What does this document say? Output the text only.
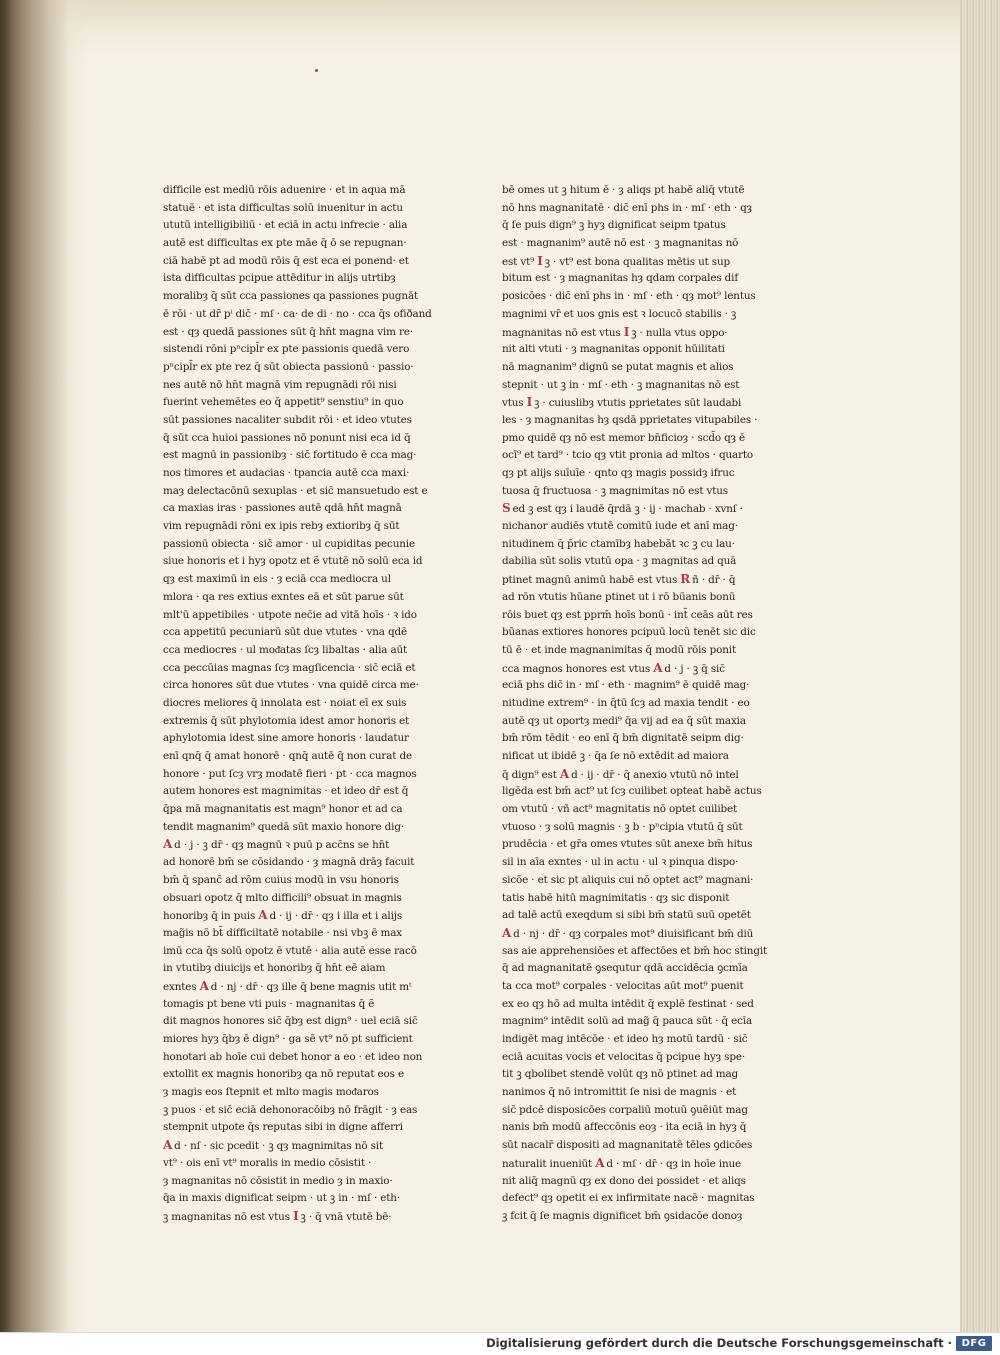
difficile est mediū rōis aduenire · et in aqua mā
statuē · et ista difficultas solū inuenitur in actu
ututū intelligibiliū · et eciā in actu infrecie · alia
autē est difficultas ex pte māe q̄ ō se repugnan·
ciā habē pt ad modū rōis q̄ est eca ei ponend· et
ista difficultas pcipue attēditur in alijs utrtibȝ
moralibȝ q̄ sūt cca passiones qa passiones pugnāt
ē rōi · ut dr̄ pⁱ dic̄ · mſ · ca· de di · no · cca q̄s ofiðand
est · qȝ quedā passiones sūt q̄ hn̄t magna vim re·
sistendi rōni pⁿcipl̄r ex pte passionis quedā vero
pⁿcipl̄r ex pte rez q̄ sūt obiecta passionū · passio·
nes autē nō hn̄t magnā vim repugnādi rōi nisi
fuerint vehemētes eo q̄ appetit⁹ senstiu⁹ in quo
sūt passiones nacaliter subdit rōi · et ideo vtutes
q̄ sūt cca huioi passiones nō ponunt nisi eca id q̄
est magnū in passionibȝ · sic̄ fortitudo ē cca mag·
nos timores et audacias · tpancia autē cca maxi·
maȝ delectacōnū sexuplas · et sic̄ mansuetudo est e
ca maxias iras · passiones autē qdā hn̄t magnā
vim repugnādi rōni ex ipis rebȝ extioribȝ q̄ sūt
passionū obiecta · sic̄ amor · ul cupiditas pecunie
siue honoris et i hyȝ opotz et ẽ vtutē nō solū eca id
qȝ est maximū in eis · ȝ eciā cca mediocra ul
mlora · qa res extius exntes eā et sūt parue sūt
mlt'ū appetibiles · utpote nec̄ie ad vitā hoīs · ꝛ ido
cca appetitū pecuniarū sūt due vtutes · vna qdē
cca mediocres · ul moᵭatas ſcȝ libaltas · alia aūt
cca peccūias magnas ſcȝ magſicencia · sic̄ eciā et
circa honores sūt due vtutes · vna quidē circa me·
diocres meliores q̄ innolata est · noiat eī ex suis
extremis q̄ sūt phylotomia idest amor honoris et
aphylotomia idest sine amore honoris · laudatur
enī qnq̄ q̄ amat honorē · qnq̄ autē q̄ non curat de
honore · put ſcȝ vrȝ moᵭatē fieri · pt · cca magnos
autem honores est magnimitas · et ideo dr̄ est q̄
q̄pa mā magnanitatis est magn⁹ honor et ad ca
tendit magnanim⁹ quedā sūt maxio honore dig·
A d · j · ꝫ dr̄ · qȝ magnū ꝛ puū p acc̄ns se hn̄t
ad honorē bm̄ se cōsidando · ȝ magnā drāȝ facuit
bm̄ q̄ spanc̄ ad rōm cuius modū in vsu honoris
obsuari opotz q̄ mlto difficili⁹ obsuat in magnis
honoribȝ q̄ in puis A d · ij · dr̄ · qȝ i illa et i alijs
mag̃is nō bt̄ difficiltatē notabile · nsi vbꝫ ē max
imū cca q̄s solū opotz ē vtutē · alia autē esse racō
in vtutibȝ diuicijs et honoribȝ q̄ hn̄t eē aiam
exntes A d · nj · dr̄ · qȝ ille q̄ bene magnis utit mᵗ
tomagis pt bene vti puis · magnanitas q̄ ẽ
dit magnos honores sic̄ q̄bȝ est dign⁹ · uel eciā sic̄
miores hyȝ q̄bȝ ē dign⁹ · ga sē vt⁹ nō pt sufficient
honotari ab hoīe cui debet honor a eo · et ideo non
extollit ex magnis honoribȝ qa nō reputat eos e
ȝ magis eos ſtepnit et mlto magis moᵭaros
ꝫ puos · et sic̄ eciā dehonoracōibȝ nō frāgit · ȝ eas
stempnit utpote q̄s reputas sibi in digne afferri
A d · nſ · sic pcedit · ꝫ qȝ magnimitas nō sit
vt⁹ · ois enī vt⁹ moralis in medio cōsistit ·
ȝ magnanitas nō cōsistit in medio ȝ in maxio·
q̄a in maxis dignificat seipm · ut ꝫ in · mſ · eth·
ꝫ magnanitas nō est vtus I ꝫ · q̄ vnā vtutē bē·
bē omes ut ꝫ hitum ē · ȝ aliqs pt habē aliq̄ vtutē
nō hns magnanitatē · dic̄ enī phs in · mſ · eth · qȝ
q̄ ſe puis dign⁹ ꝫ hyȝ dignificat seipm tpatus
est · magnanim⁹ autē nō est · ꝫ magnanitas nō
est vt⁹ I ꝫ · vt⁹ est bona qualitas mētis ut sup
bitum est · ȝ magnanitas hȝ qdam corpales dif
posicōes · dic̄ enī phs in · mſ · eth · qȝ mot⁹ lentus
magnimi vr̄ et uos gnis est ꝛ locucō stabilis · ꝫ
magnanitas nō est vtus I ꝫ · nulla vtus oppo·
nit alti vtuti · ȝ magnanitas opponit hūilitati
nā magnanim⁹ dignū se putat magnis et alios
stepnit · ut ꝫ in · mſ · eth · ꝫ magnanitas nō est
vtus I ꝫ · cuiuslibȝ vtutis pprietates sūt laudabi
les · ȝ magnanitas hȝ qsdā pprietates vitupabiles ·
pmo quidē qȝ nō est memor bn̄ficioȝ · scd̄o qȝ ē
ocī⁹ et tard⁹ · tcio qȝ vtit pronia ad mltos · quarto
qȝ pt alijs suīuīe · qnto qȝ magis possidȝ ifruc
tuosa q̄ fructuosa · ꝫ magnimitas nō est vtus
S ed ꝫ est qȝ i laudē q̄rdā ꝫ · ij · machab · xvnſ ·
nichanor audiēs vtutē comitū iude et anī mag·
nitudinem q̄ p̄ric ctamībȝ habebāt ꝛc ꝫ cu lau·
dabilia sūt solis vtutū opa · ꝫ magnitas ad quā
ptinet magnū animū habē est vtus R ñ · dr̄ · q̄
ad rōn vtutis hūane ptinet ut i rō būanis bonū
rōis buet qȝ est pprm̄ hoīs bonū · int̄ ceās aūt res
būanas extiores honores pcipuū locū tenēt sic dic
tū ē · et inde magnanimitas q̄ modū rōis ponit
cca magnos honores est vtus A d · j · ꝫ q̄ sic̄
eciā phs dic̄ in · mſ · eth · magnim⁹ ē quidē mag·
nitudine extrem⁹ · in q̄tū ſcȝ ad maxia tendit · eo
autē qȝ ut oportȝ medi⁹ q̄a vij ad ea q̄ sūt maxia
bm̄ rōm tēdit · eo enī q̄ bm̄ dignitatē seipm dig·
nificat ut ibidē ꝫ · q̄a ſe nō extēdit ad maiora
q̄ dign⁹ est A d · ij · dr̄ · q̄ anexio vtutū nō intel
ligēda est bm̄ act⁹ ut ſcȝ cuilibet opteat habē actus
om vtutū · vñ act⁹ magnitatis nō optet cuilibet
vtuoso · ȝ solū magnis · ꝫ b · pⁿcipia vtutū q̄ sūt
prudēcia · et gr̄a omes vtutes sūt anexe bm̄ hitus
sil in aīa exntes · ul in actu · ul ꝛ pinqua dispo·
sicōe · et sic pt aliquis cui nō optet act⁹ magnani·
tatis habē hitū magnimitatis · qȝ sic disponit
ad talē actū exeqdum si sibi bm̄ statū suū opetēt
A d · nj · dr̄ · qȝ corpales mot⁹ diuisificant bm̄ diū
sas aie apprehensiōes et affectōes et bm̄ hoc stingit
q̄ ad magnanitatē ꝯsequtur qdā accidēcia ꝯcmīa
ta cca mot⁹ corpales · velocitas aūt mot⁹ puenit
ex eo qȝ hō ad multa intēdit q̄ explē festinat · sed
magnim⁹ intēdit solū ad mag̃ q̄ pauca sūt · q̄ ecīa
indigēt mag intēcōe · et ideo hȝ motū tardū · sic̄
eciā acuitas vocis et velocitas q̄ pcipue hyȝ spe·
tit ꝫ qbolibet stendē volūt qȝ nō ptinet ad mag
nanimos q̄ nō intromittit ſe nisi de magnis · et
sic̄ pdcē disposicōes corpaliū motuū ꝯuēiūt mag
nanis bm̄ modū affeccōnis eoȝ · ita eciā in hyȝ q̄
sūt nacalr̄ dispositi ad magnanitatē tēles ꝯdicōes
naturalit inueniūt A d · mſ · dr̄ · qȝ in hoīe inue
nit aliq̄ magnū qȝ ex dono dei possidet · et aliqs
defect⁹ qȝ opetit ei ex infirmitate nacē · magnitas
ꝫ fcit q̄ ſe magnis dignificet bm̄ ꝯsidacōe donoȝ
Digitalisierung gefördert durch die Deutsche Forschungsgemeinschaft · DFG
